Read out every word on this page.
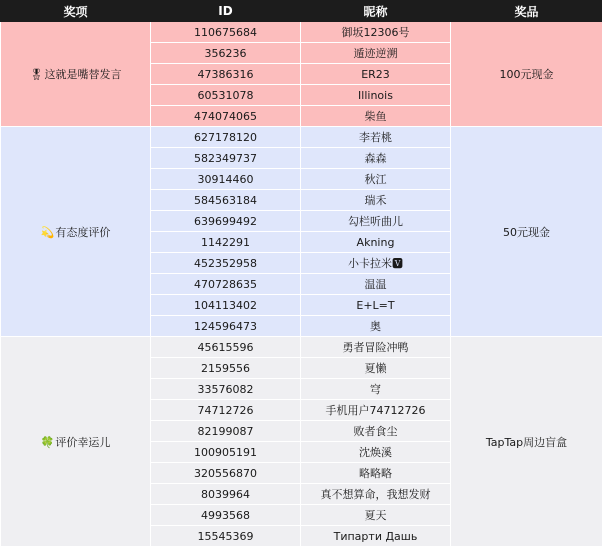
奖项	ID	昵称	奖品
🎖这就是嘴替发言	110675684	御坂12306号	100元现金
	356236	遁迹逆溯	
	47386316	ER23	
	60531078	Illinois	
	474074065	柴鱼	
💫有态度评价	627178120	李若桃	50元现金
	582349737	森森	
	30914460	秋江	
	584563184	瑞禾	
	639699492	勾栏听曲儿	
	1142291	Akning	
	452352958	小卡拉米🆅	
	470728635	温温	
	104113402	E+L=T	
	124596473	奥	
🍀评价幸运儿	45615596	勇者冒险冲鸭	TapTap周边盲盒
	2159556	夏懒	
	33576082	穹	
	74712726	手机用户74712726	
	82199087	败者食尘	
	100905191	沈焕溪	
	320556870	略略略	
	8039964	真不想算命，我想发财	
	4993568	夏天	
	15545369	Типарти Дашь	
